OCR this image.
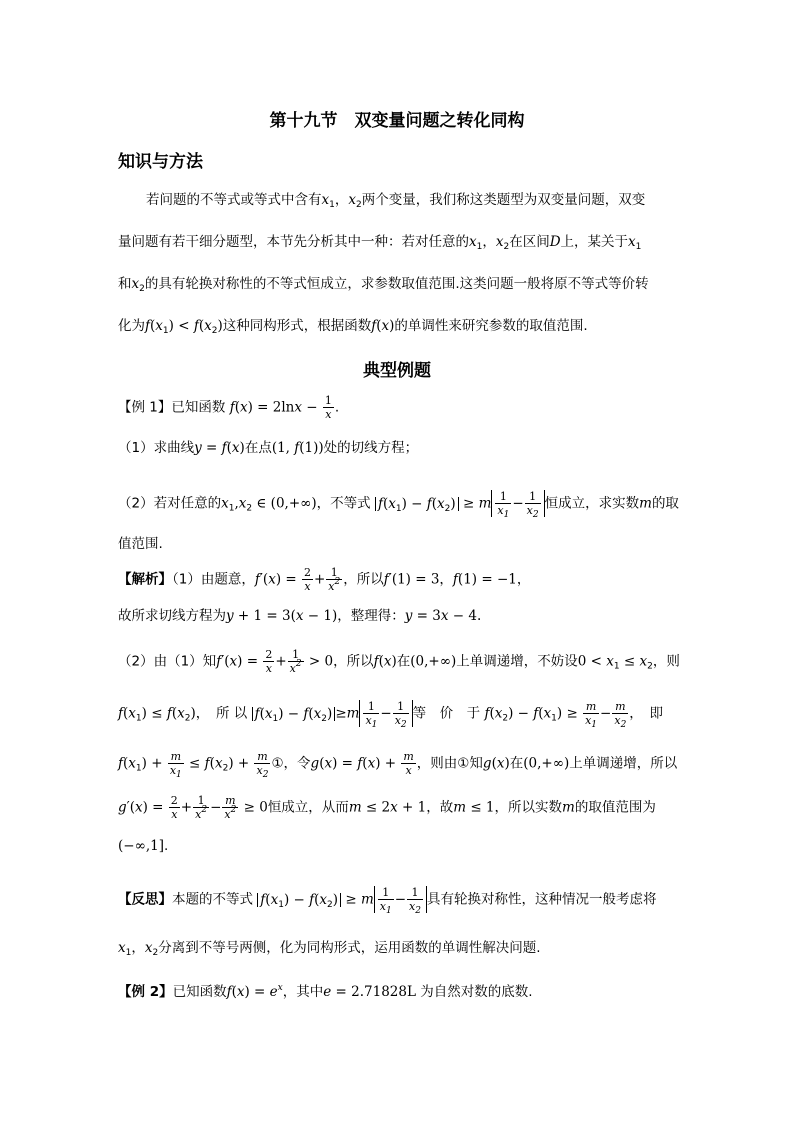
第十九节　双变量问题之转化同构
知识与方法
若问题的不等式或等式中含有$x_1$，$x_2$两个变量，我们称这类题型为双变量问题，双变
量问题有若干细分题型，本节先分析其中一种：若对任意的$x_1$，$x_2$在区间D上，某关于$x_1$
和$x_2$的具有轮换对称性的不等式恒成立，求参数取值范围.这类问题一般将原不等式等价转
化为$f(x_1) < f(x_2)$这种同构形式，根据函数f(x)的单调性来研究参数的取值范围.
典型例题
【例 1】已知函数 $f(x) = 2\ln x - \frac{1}{x}$ .
（1）求曲线y = f(x)在点(1, f(1))处的切线方程；
（2）若对任意的$x_1,x_2$ ∈ (0,+∞)，不等式 $f(x_1) - f(x_2) \ge m \frac{1}{x_1} - \frac{1}{x_2}$ 恒成立，求实数m的取
值范围.
【解析】（1）由题意，$f'(x) = \frac{2}{x} + \frac{1}{x^2}$ ，所以f′(1) = 3，f(1) = −1，
故所求切线方程为y + 1 = 3(x − 1)，整理得：y = 3x − 4.
（2）由（1）知$f'(x) = \frac{2}{x} + \frac{1}{x^2} > 0$，所以f(x)在(0,+∞)上单调递增，不妨设$0 < x_1 \le x_2$，则
$f(x_1) \le f(x_2)$，　所 以 $f(x_1) - f(x_2) \ge m \frac{1}{x_1} - \frac{1}{x_2}$ 等　价　于 $f(x_2) - f(x_1) \ge \frac{m}{x_1} - \frac{m}{x_2}$ ，　即
$f(x_1) + \frac{m}{x_1} \le f(x_2) + \frac{m}{x_2}$ ①，令$g(x) = f(x) + \frac{m}{x}$ ，则由①知g(x)在(0,+∞)上单调递增，所以
$g'(x) = \frac{2}{x} + \frac{1}{x^2} - \frac{m}{x^2} \ge 0$恒成立，从而m ≤ 2x + 1，故m ≤ 1，所以实数m的取值范围为
(−∞,1].
【反思】本题的不等式 $f(x_1) - f(x_2) \ge m \frac{1}{x_1} - \frac{1}{x_2}$ 具有轮换对称性，这种情况一般考虑将
$x_1$，$x_2$分离到不等号两侧，化为同构形式，运用函数的单调性解决问题.
【例 2】已知函数$f(x) = e^x$，其中e = 2.71828L 为自然对数的底数.
